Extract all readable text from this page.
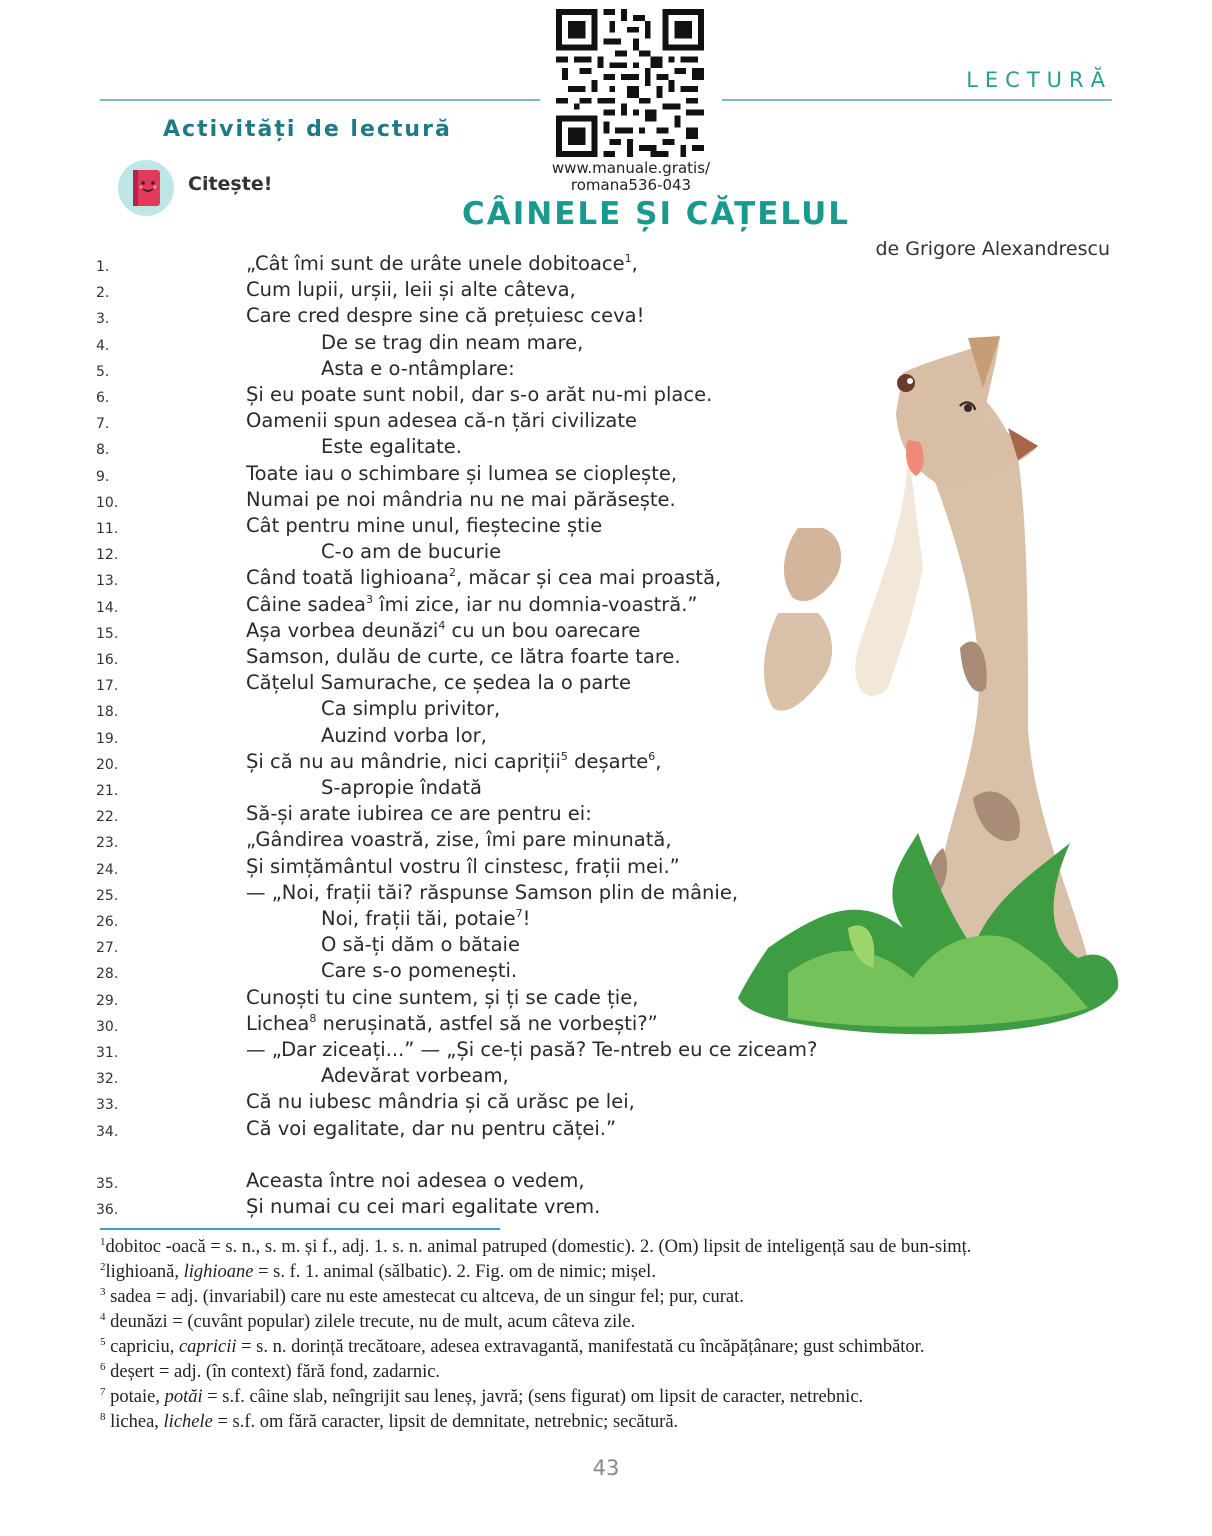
LECTURĂ
www.manuale.gratis/ romana536-043
Activități de lectură
Citește!
CÂINELE ȘI CĂȚELUL
de Grigore Alexandrescu
1.	„Cât îmi sunt de urâte unele dobitoace$^1$,
2.	Cum lupii, urșii, leii și alte câteva,
3.	Care cred despre sine că prețuiesc ceva!
4.	De se trag din neam mare,
5.	Asta e o-ntâmplare:
6.	Și eu poate sunt nobil, dar s-o arăt nu-mi place.
7.	Oamenii spun adesea că-n țări civilizate
8.	Este egalitate.
9.	Toate iau o schimbare și lumea se cioplește,
10.	Numai pe noi mândria nu ne mai părăsește.
11.	Cât pentru mine unul, fieștecine știe
12.	C-o am de bucurie
13.	Când toată lighioana$^2$, măcar și cea mai proastă,
14.	Câine sadea$^3$ îmi zice, iar nu domnia-voastră.”
15.	Așa vorbea deunăzi$^4$ cu un bou oarecare
16.	Samson, dulău de curte, ce lătra foarte tare.
17.	Cățelul Samurache, ce ședea la o parte
18.	Ca simplu privitor,
19.	Auzind vorba lor,
20.	Și că nu au mândrie, nici capriții$^5$ deșarte$^6$,
21.	S-apropie îndată
22.	Să-și arate iubirea ce are pentru ei:
23.	„Gândirea voastră, zise, îmi pare minunată,
24.	Și simțământul vostru îl cinstesc, frații mei.”
25.	— „Noi, frații tăi? răspunse Samson plin de mânie,
26.	Noi, frații tăi, potaie$^7$!
27.	O să-ți dăm o bătaie
28.	Care s-o pomenești.
29.	Cunoști tu cine suntem, și ți se cade ție,
30.	Lichea$^8$ nerușinată, astfel să ne vorbești?”
31.	— „Dar ziceați...” — „Și ce-ți pasă? Te-ntreb eu ce ziceam?
32.	Adevărat vorbeam,
33.	Că nu iubesc mândria și că urăsc pe lei,
34.	Că voi egalitate, dar nu pentru căței.”
35.	Aceasta între noi adesea o vedem,
36.	Și numai cu cei mari egalitate vrem.
$^1$dobitoc -oacă = s. n., s. m. și f., adj. 1. s. n. animal patruped (domestic). 2. (Om) lipsit de inteligență sau de bun-simț.
$^2$lighioană, lighioane = s. f. 1. animal (sălbatic). 2. Fig. om de nimic; mișel.
$^3$ sadea = adj. (invariabil) care nu este amestecat cu altceva, de un singur fel; pur, curat.
$^4$ deunăzi = (cuvânt popular) zilele trecute, nu de mult, acum câteva zile.
$^5$ capriciu, capricii = s. n. dorință trecătoare, adesea extravagantă, manifestată cu încăpățânare; gust schimbător.
$^6$ deșert = adj. (în context) fără fond, zadarnic.
$^7$ potaie, potăi = s.f. câine slab, neîngrijit sau leneș, javră; (sens figurat) om lipsit de caracter, netrebnic.
$^8$ lichea, lichele = s.f. om fără caracter, lipsit de demnitate, netrebnic; secătură.
43
